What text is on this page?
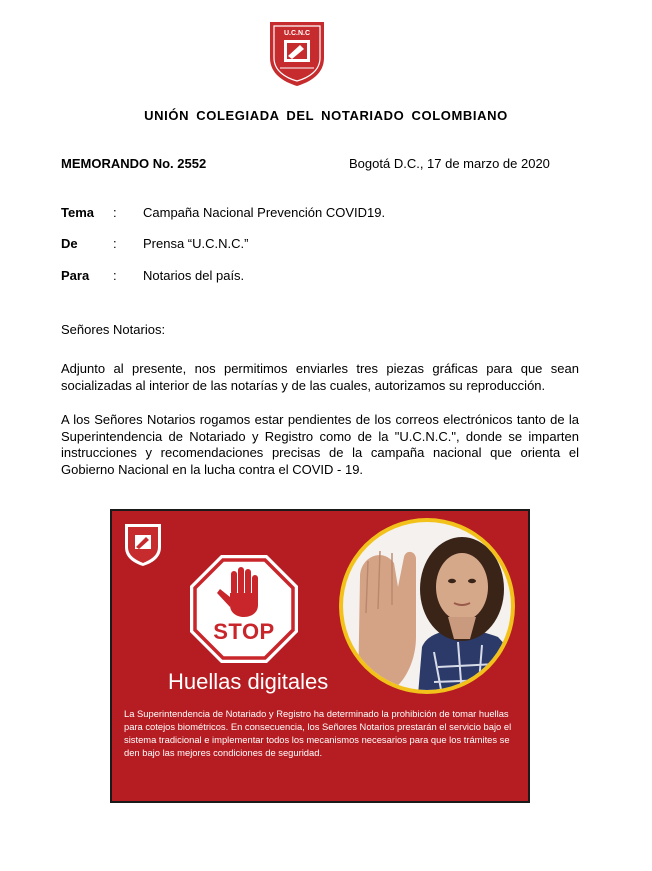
U.C.N.C
UNIÓN COLEGIADA DEL NOTARIADO COLOMBIANO
MEMORANDO No. 2552	Bogotá D.C., 17 de marzo de 2020
Tema	:	Campaña Nacional Prevención COVID19.
De	:	Prensa “U.C.N.C.”
Para	:	Notarios del país.
Señores Notarios:

Adjunto al presente, nos permitimos enviarles tres piezas gráficas para que sean socializadas al interior de las notarías y de las cuales, autorizamos su reproducción.

A los Señores Notarios rogamos estar pendientes de los correos electrónicos tanto de la Superintendencia de Notariado y Registro como de la "U.C.N.C.", donde se imparten instrucciones y recomendaciones precisas de la campaña nacional que orienta el Gobierno Nacional en la lucha contra el COVID - 19.

STOP
Huellas digitales

La Superintendencia de Notariado y Registro ha determinado la prohibición de tomar huellas para cotejos biométricos. En consecuencia, los Señores Notarios prestarán el servicio bajo el sistema tradicional e implementar todos los mecanismos necesarios para que los trámites se den bajo las mejores condiciones de seguridad.
